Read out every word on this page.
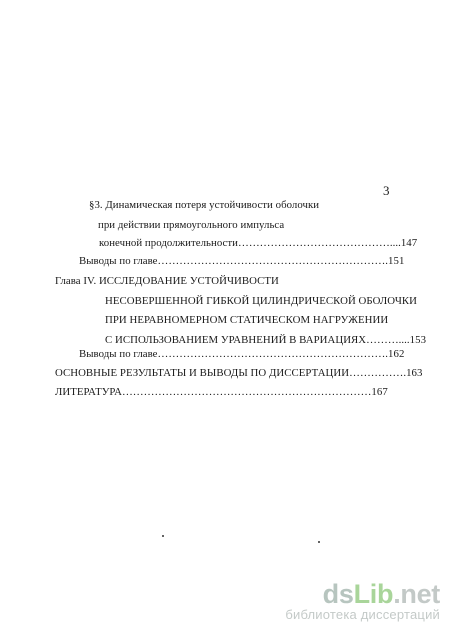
3
§3. Динамическая потеря устойчивости оболочки
при действии прямоугольного импульса
конечной продолжительности……………………………………....147
Выводы по главе……………………………………………………….151
Глава IV. ИССЛЕДОВАНИЕ УСТОЙЧИВОСТИ
НЕСОВЕРШЕННОЙ ГИБКОЙ ЦИЛИНДРИЧЕСКОЙ ОБОЛОЧКИ
ПРИ НЕРАВНОМЕРНОМ СТАТИЧЕСКОМ НАГРУЖЕНИИ
С ИСПОЛЬЗОВАНИЕМ УРАВНЕНИЙ В ВАРИАЦИЯХ………....153
Выводы по главе……………………………………………………….162
ОСНОВНЫЕ РЕЗУЛЬТАТЫ И ВЫВОДЫ ПО ДИССЕРТАЦИИ…………….163
ЛИТЕРАТУРА……………………………………………………………167
dsLib.net
библиотека диссертаций
